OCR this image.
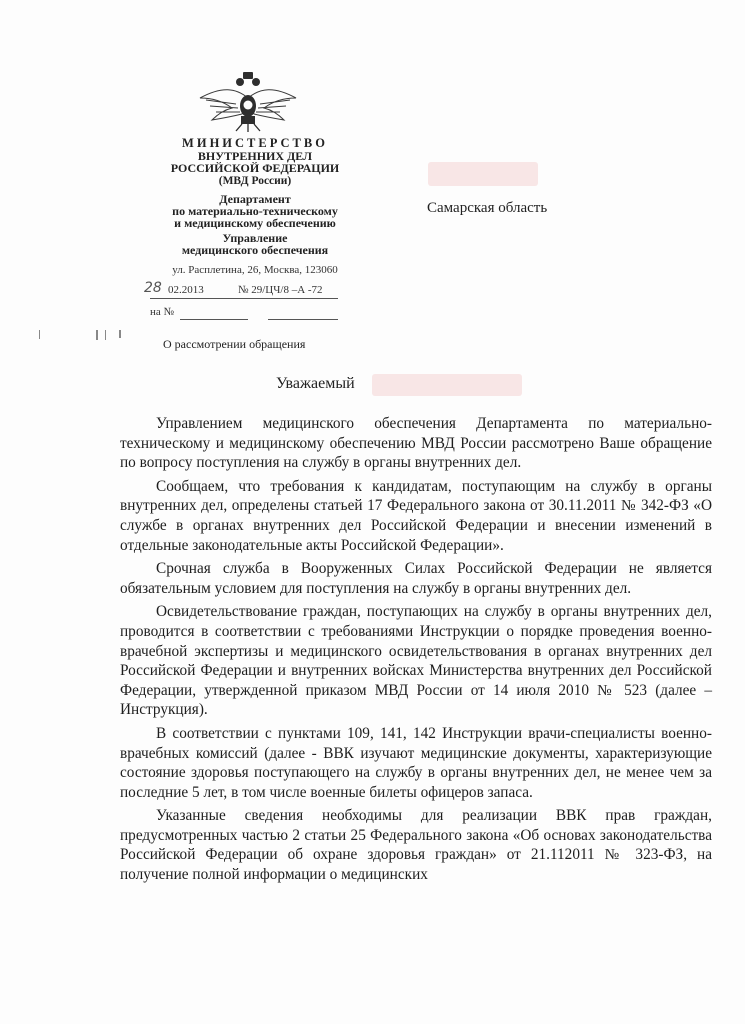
МИНИСТЕРСТВО
ВНУТРЕННИХ ДЕЛ
РОССИЙСКОЙ ФЕДЕРАЦИИ
(МВД России)
Департамент
по материально-техническому
и медицинскому обеспечению
Управление
медицинского обеспечения
ул. Расплетина, 26, Москва, 123060
28 02.2013	№ 29/ЦЧ/8 –А -72
на №
О рассмотрении обращения
Самарская область
Уважаемый

Управлением медицинского обеспечения Департамента по материально-техническому и медицинскому обеспечению МВД России рассмотрено Ваше обращение по вопросу поступления на службу в органы внутренних дел.

Сообщаем, что требования к кандидатам, поступающим на службу в органы внутренних дел, определены статьей 17 Федерального закона от 30.11.2011 № 342-ФЗ «О службе в органах внутренних дел Российской Федерации и внесении изменений в отдельные законодательные акты Российской Федерации».

Срочная служба в Вооруженных Силах Российской Федерации не является обязательным условием для поступления на службу в органы внутренних дел.

Освидетельствование граждан, поступающих на службу в органы внутренних дел, проводится в соответствии с требованиями Инструкции о порядке проведения военно-врачебной экспертизы и медицинского освидетельствования в органах внутренних дел Российской Федерации и внутренних войсках Министерства внутренних дел Российской Федерации, утвержденной приказом МВД России от 14 июля 2010 № 523 (далее – Инструкция).

В соответствии с пунктами 109, 141, 142 Инструкции врачи-специалисты военно-врачебных комиссий (далее - ВВК изучают медицинские документы, характеризующие состояние здоровья поступающего на службу в органы внутренних дел, не менее чем за последние 5 лет, в том числе военные билеты офицеров запаса.

Указанные сведения необходимы для реализации ВВК прав граждан, предусмотренных частью 2 статьи 25 Федерального закона «Об основах законодательства Российской Федерации об охране здоровья граждан» от 21.112011 № 323-ФЗ, на получение полной информации о медицинских
